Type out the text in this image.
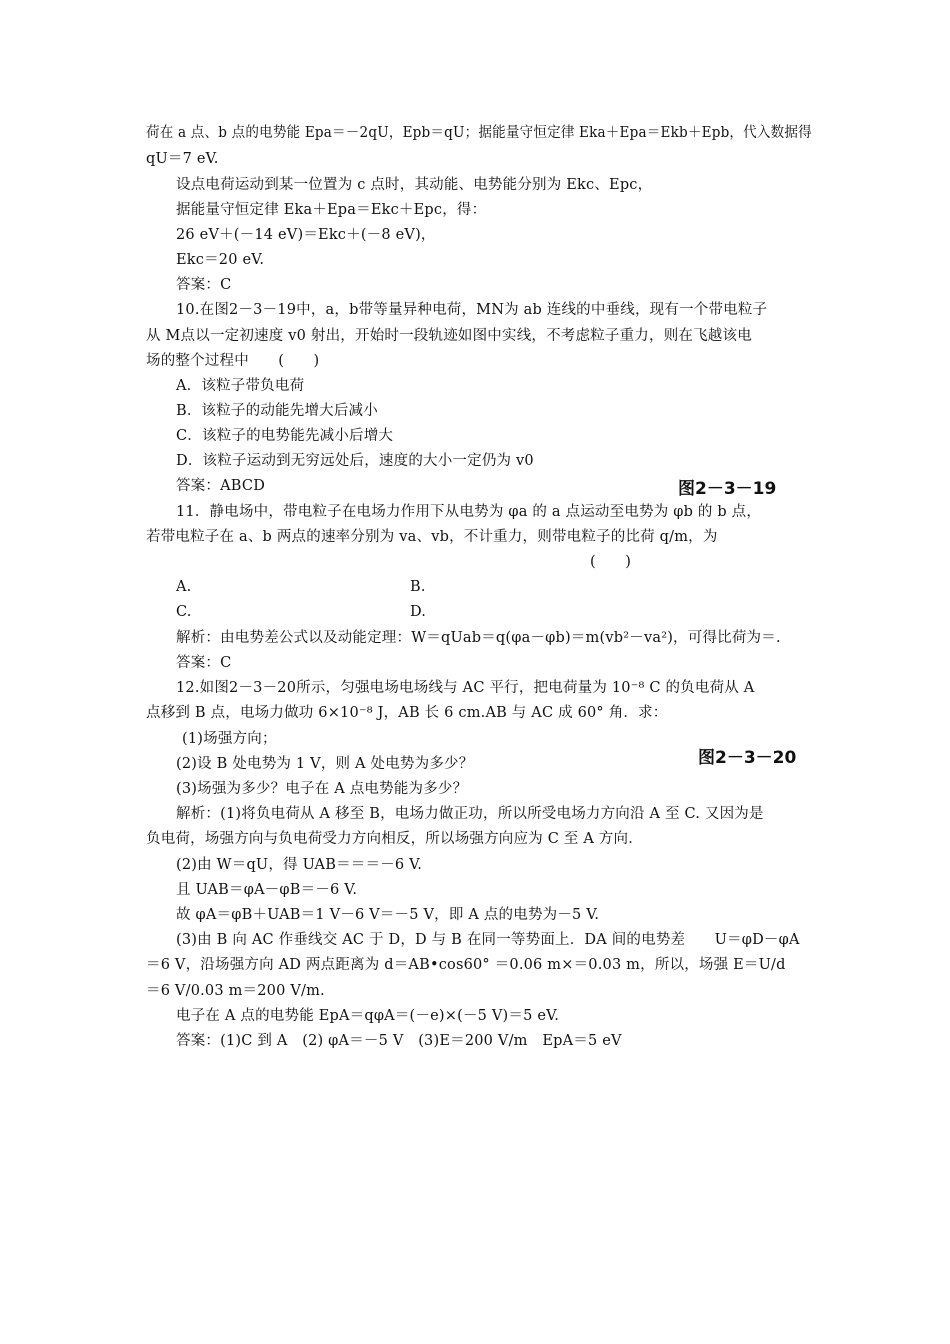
荷在 a 点、b 点的电势能 Epa＝－2qU，Epb＝qU；据能量守恒定律 Eka＋Epa＝Ekb＋Epb，代入数据得
qU＝7 eV.
设点电荷运动到某一位置为 c 点时，其动能、电势能分别为 Ekc、Epc，
据能量守恒定律 Eka＋Epa＝Ekc＋Epc，得：
26 eV＋(－14 eV)＝Ekc＋(－8 eV)，
Ekc＝20 eV.
答案：C
10.在图2－3－19中，a，b带等量异种电荷，MN为 ab 连线的中垂线，现有一个带电粒子
从 M点以一定初速度 v0 射出，开始时一段轨迹如图中实线，不考虑粒子重力，则在飞越该电
场的整个过程中　　(　　)
A．该粒子带负电荷
B．该粒子的动能先增大后减小
C．该粒子的电势能先减小后增大
D．该粒子运动到无穷远处后，速度的大小一定仍为 v0
答案：ABCD	图2－3－19
11．静电场中，带电粒子在电场力作用下从电势为 φa 的 a 点运动至电势为 φb 的 b 点，
若带电粒子在 a、b 两点的速率分别为 va、vb，不计重力，则带电粒子的比荷 q/m，为
(　　)
A.	B.
C.	D.
解析：由电势差公式以及动能定理：W＝qUab＝q(φa－φb)＝m(vb²－va²)，可得比荷为＝.
答案：C
12.如图2－3－20所示，匀强电场电场线与 AC 平行，把电荷量为 10⁻⁸ C 的负电荷从 A
点移到 B 点，电场力做功 6×10⁻⁸ J，AB 长 6 cm.AB 与 AC 成 60° 角．求：
(1)场强方向；
图2－3－20
(2)设 B 处电势为 1 V，则 A 处电势为多少？
(3)场强为多少？电子在 A 点电势能为多少？
解析：(1)将负电荷从 A 移至 B，电场力做正功，所以所受电场力方向沿 A 至 C. 又因为是
负电荷，场强方向与负电荷受力方向相反，所以场强方向应为 C 至 A 方向．
(2)由 W＝qU，得 UAB＝＝＝－6 V.
且 UAB＝φA－φB＝－6 V.
故 φA＝φB＋UAB＝1 V－6 V＝－5 V，即 A 点的电势为－5 V.
(3)由 B 向 AC 作垂线交 AC 于 D，D 与 B 在同一等势面上．DA 间的电势差　　U＝φD－φA
＝6 V，沿场强方向 AD 两点距离为 d＝AB•cos60° ＝0.06 m×＝0.03 m，所以，场强 E＝U/d
＝6 V/0.03 m＝200 V/m.
电子在 A 点的电势能 EpA＝qφA＝(－e)×(－5 V)＝5 eV.
答案：(1)C 到 A　(2) φA＝－5 V　(3)E＝200 V/m　EpA＝5 eV
